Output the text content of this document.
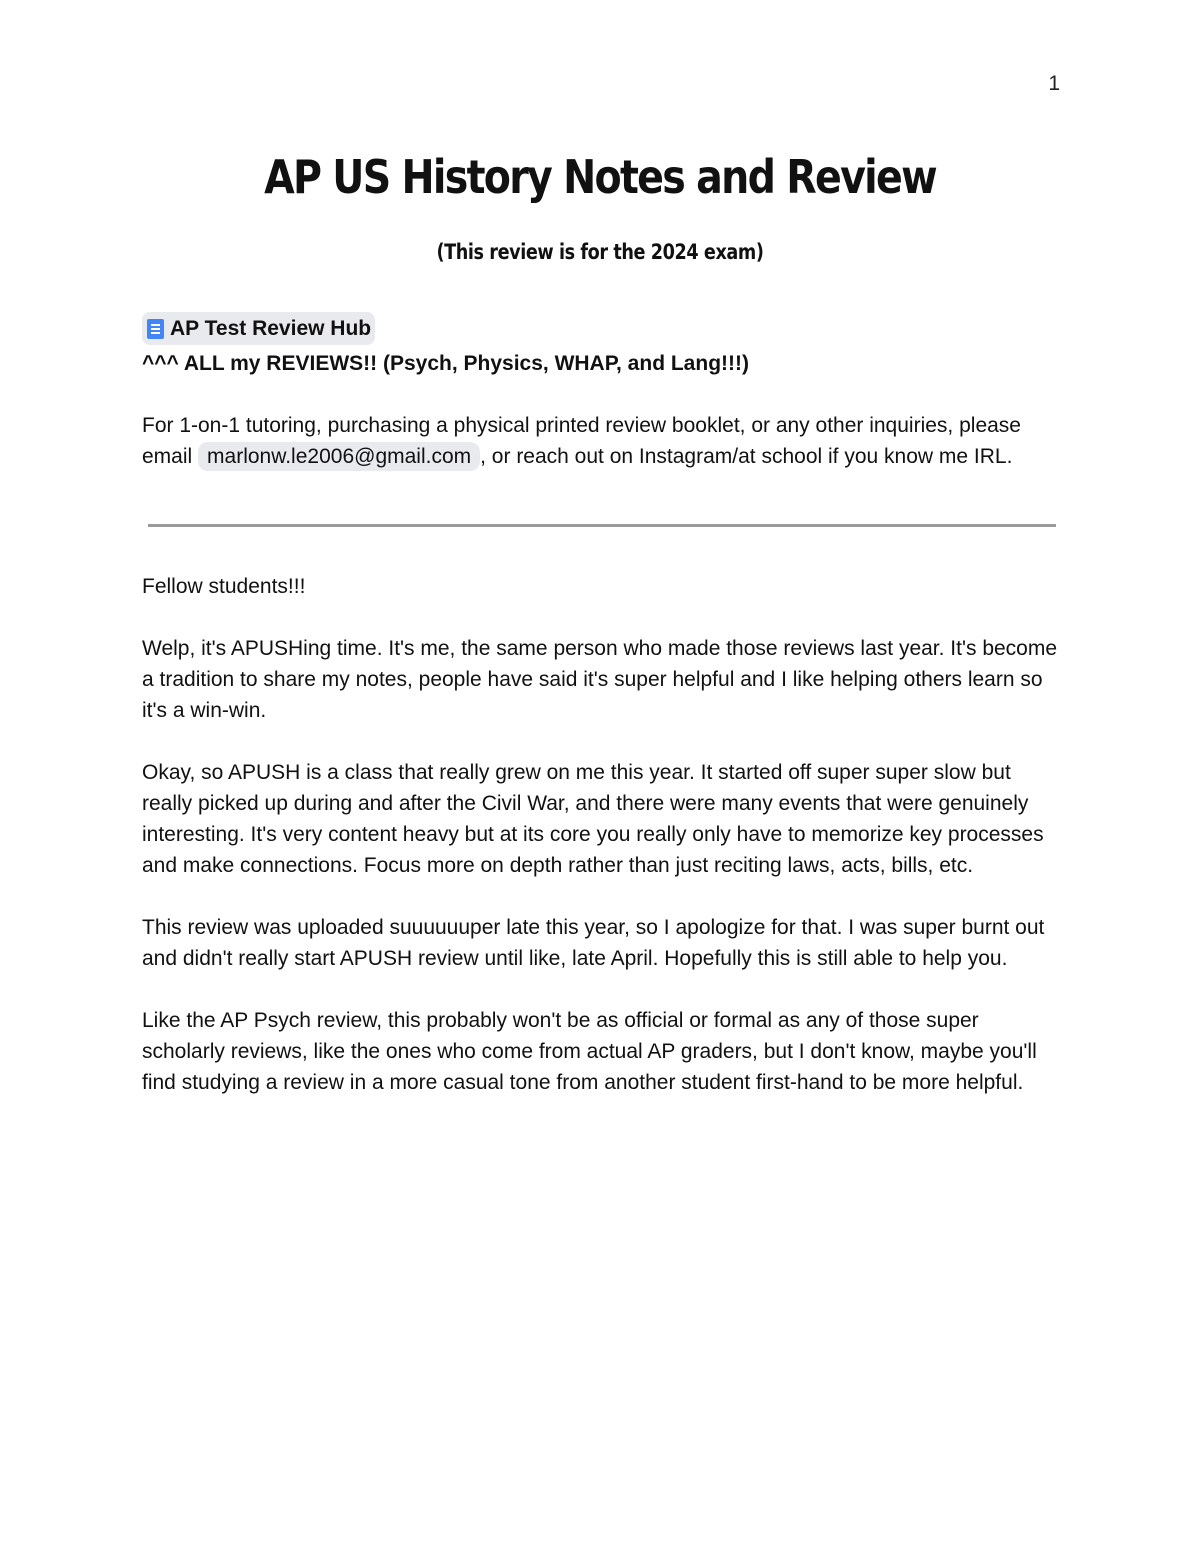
1
AP US History Notes and Review

(This review is for the 2024 exam)

AP Test Review Hub

^^^ ALL my REVIEWS!! (Psych, Physics, WHAP, and Lang!!!)

For 1-on-1 tutoring, purchasing a physical printed review booklet, or any other inquiries, please email marlonw.le2006@gmail.com , or reach out on Instagram/at school if you know me IRL.

Fellow students!!!

Welp, it's APUSHing time. It's me, the same person who made those reviews last year. It's become a tradition to share my notes, people have said it's super helpful and I like helping others learn so it's a win-win.

Okay, so APUSH is a class that really grew on me this year. It started off super super slow but really picked up during and after the Civil War, and there were many events that were genuinely interesting. It's very content heavy but at its core you really only have to memorize key processes and make connections. Focus more on depth rather than just reciting laws, acts, bills, etc.

This review was uploaded suuuuuuper late this year, so I apologize for that. I was super burnt out and didn't really start APUSH review until like, late April. Hopefully this is still able to help you.

Like the AP Psych review, this probably won't be as official or formal as any of those super scholarly reviews, like the ones who come from actual AP graders, but I don't know, maybe you'll find studying a review in a more casual tone from another student first-hand to be more helpful.
